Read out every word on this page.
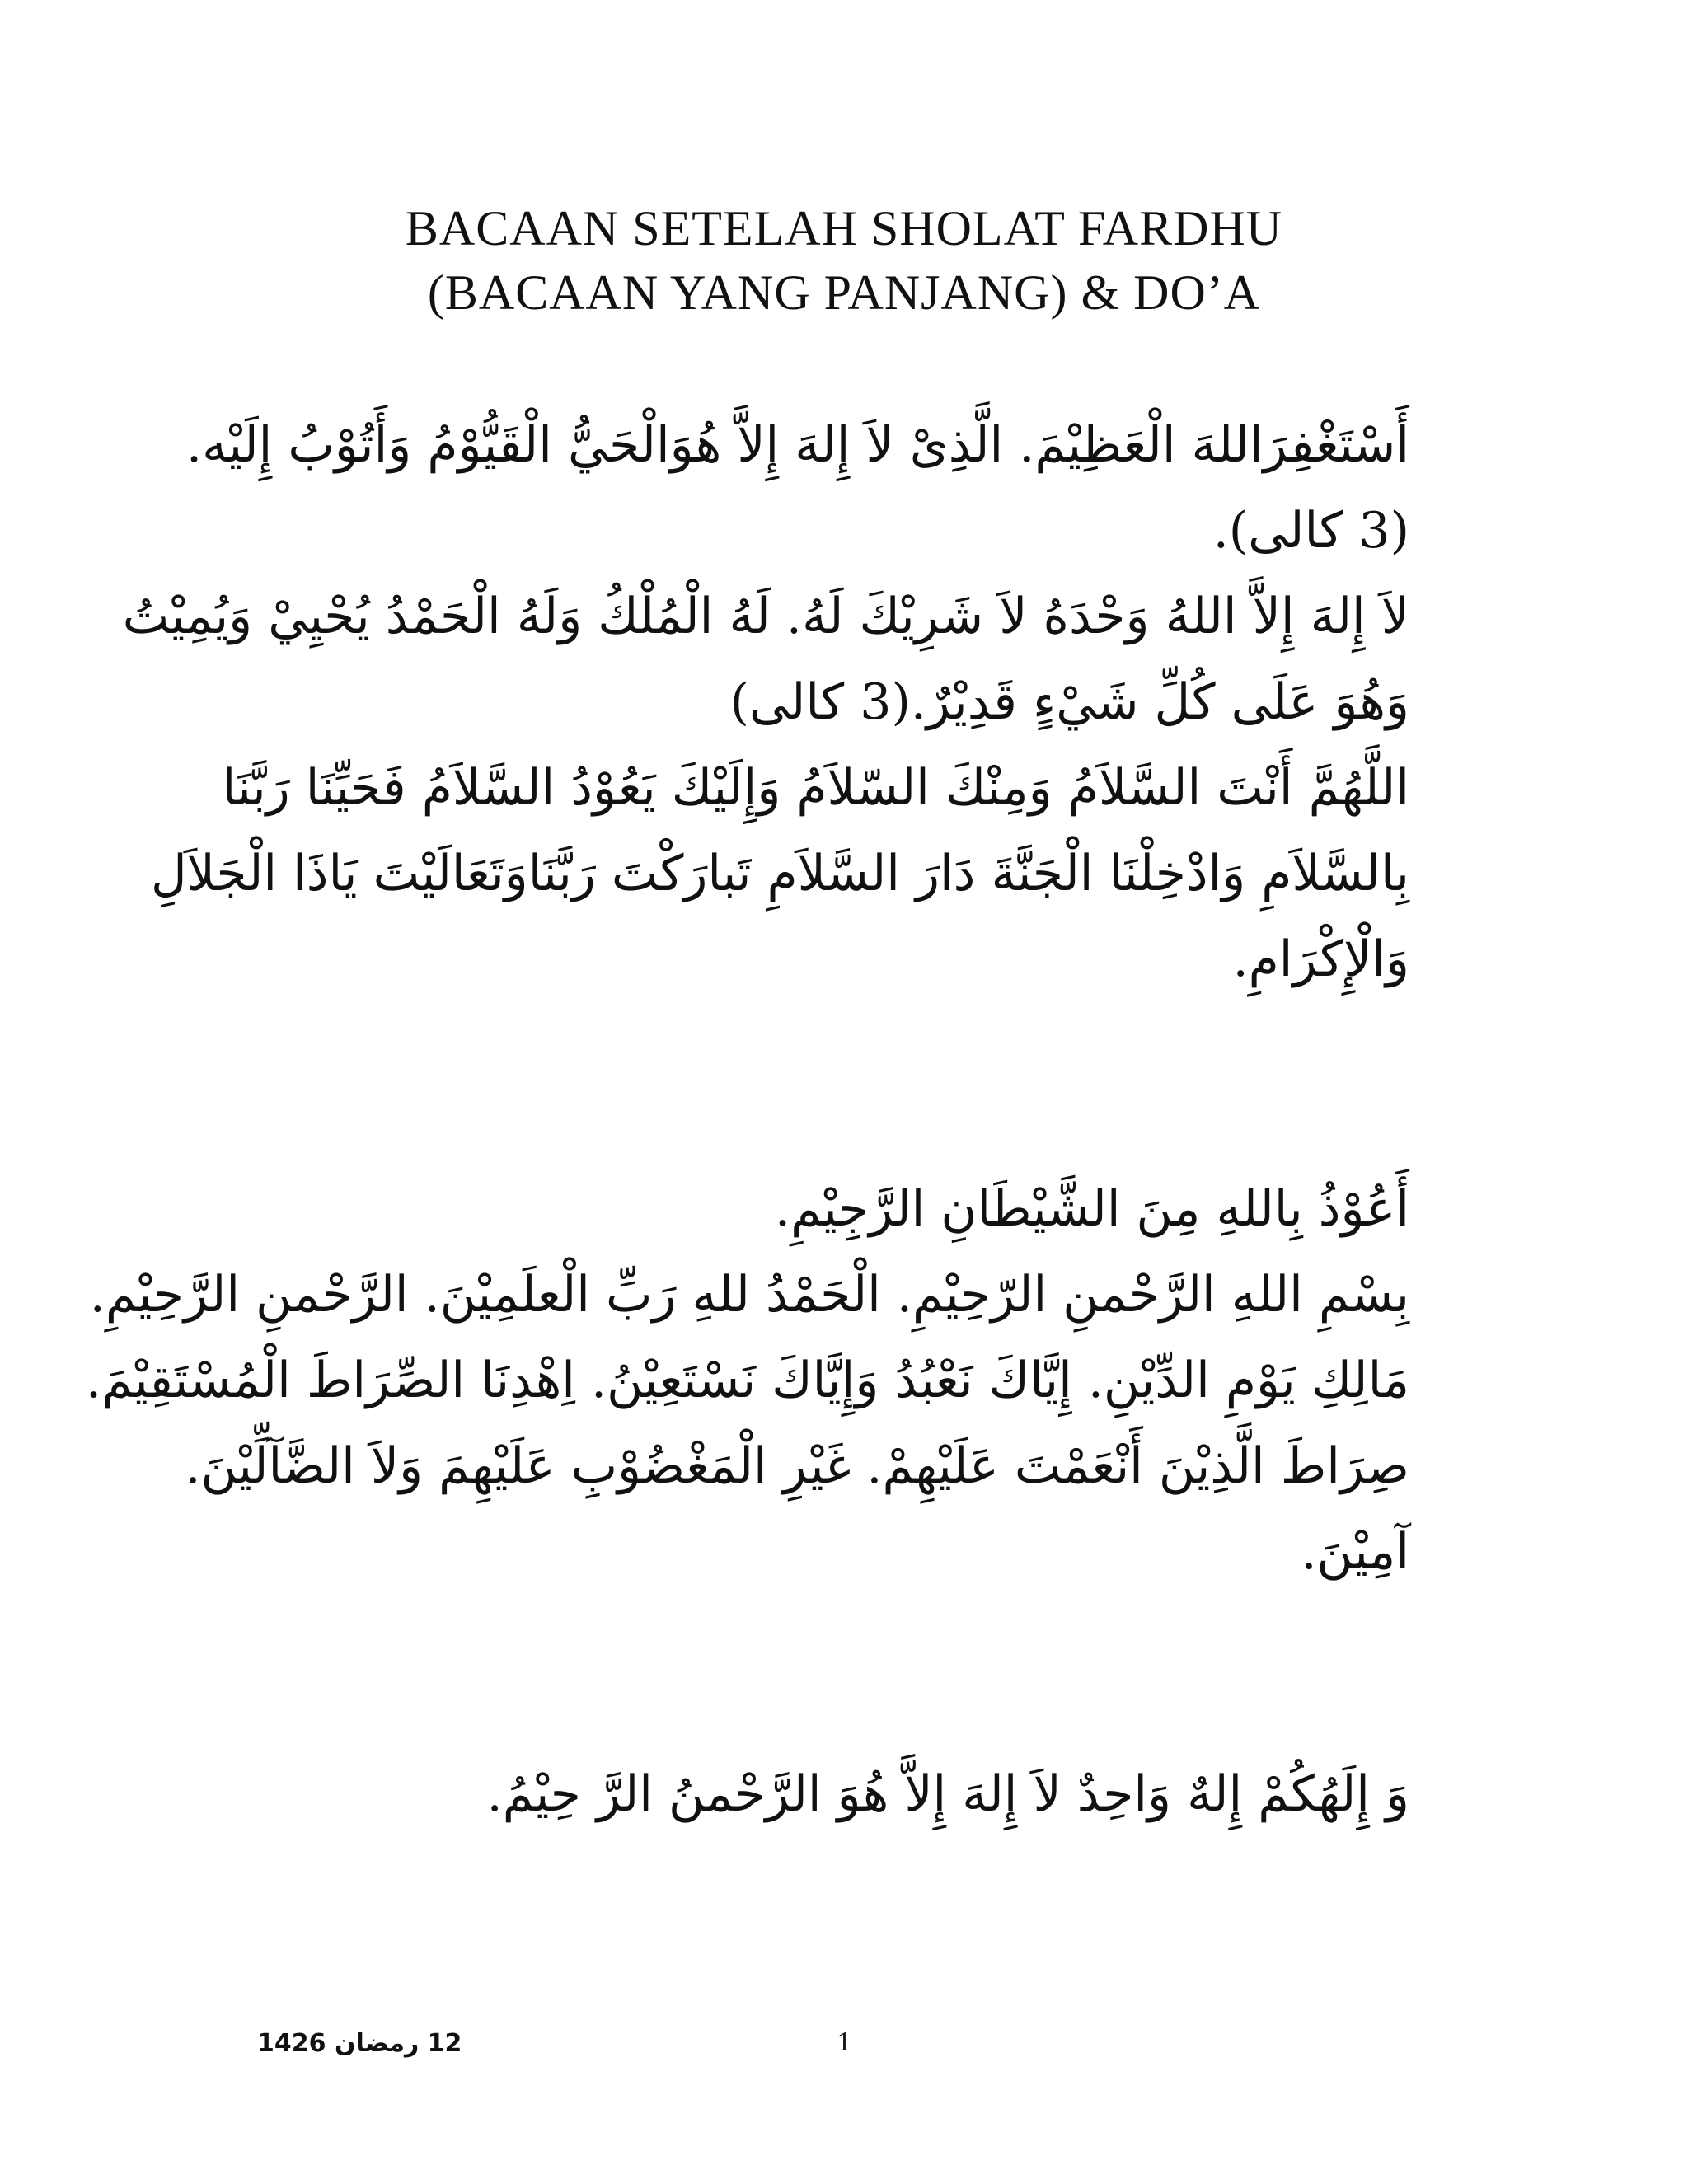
BACAAN SETELAH SHOLAT FARDHU
(BACAAN YANG PANJANG) & DO’A
أَسْتَغْفِرَاللهَ الْعَظِيْمَ. الَّذِىْ لاَ إِلهَ إِلاَّ هُوَالْحَيُّ الْقَيُّوْمُ وَأَتُوْبُ إِلَيْه.
(3 كالى).
لاَ إِلهَ إِلاَّ اللهُ وَحْدَهُ لاَ شَرِيْكَ لَهُ. لَهُ الْمُلْكُ وَلَهُ الْحَمْدُ يُحْيِيْ وَيُمِيْتُ
وَهُوَ عَلَى كُلِّ شَيْءٍ قَدِيْرٌ.(3 كالى)
اللَّهُمَّ أَنْتَ السَّلاَمُ وَمِنْكَ السّلاَمُ وَإِلَيْكَ يَعُوْدُ السَّلاَمُ فَحَيِّنَا رَبَّنَا
بِالسَّلاَمِ وَادْخِلْنَا الْجَنَّةَ دَارَ السَّلاَمِ تَبارَكْتَ رَبَّنَاوَتَعَالَيْتَ يَاذَا الْجَلاَلِ
وَالْإِكْرَامِ.
أَعُوْذُ بِاللهِ مِنَ الشَّيْطَانِ الرَّجِيْمِ.
بِسْمِ اللهِ الرَّحْمنِ الرّحِيْمِ. الْحَمْدُ للهِ رَبِّ الْعلَمِيْنَ. الرَّحْمنِ الرَّحِيْمِ.
مَالِكِ يَوْمِ الدِّيْنِ. إِيَّاكَ نَعْبُدُ وَإِيَّاكَ نَسْتَعِيْنُ. اِهْدِنَا الصِّرَاطَ الْمُسْتَقِيْمَ.
صِرَاطَ الَّذِيْنَ أَنْعَمْتَ عَلَيْهِمْ. غَيْرِ الْمَغْضُوْبِ عَلَيْهِمَ وَلاَ الضَّآلِّيْنَ.
آمِيْنَ.
وَ إِلَهُكُمْ إِلهٌ وَاحِدٌ لاَ إِلهَ إِلاَّ هُوَ الرَّحْمنُ الرَّ حِيْمُ.
12 رمضان 1426	1
